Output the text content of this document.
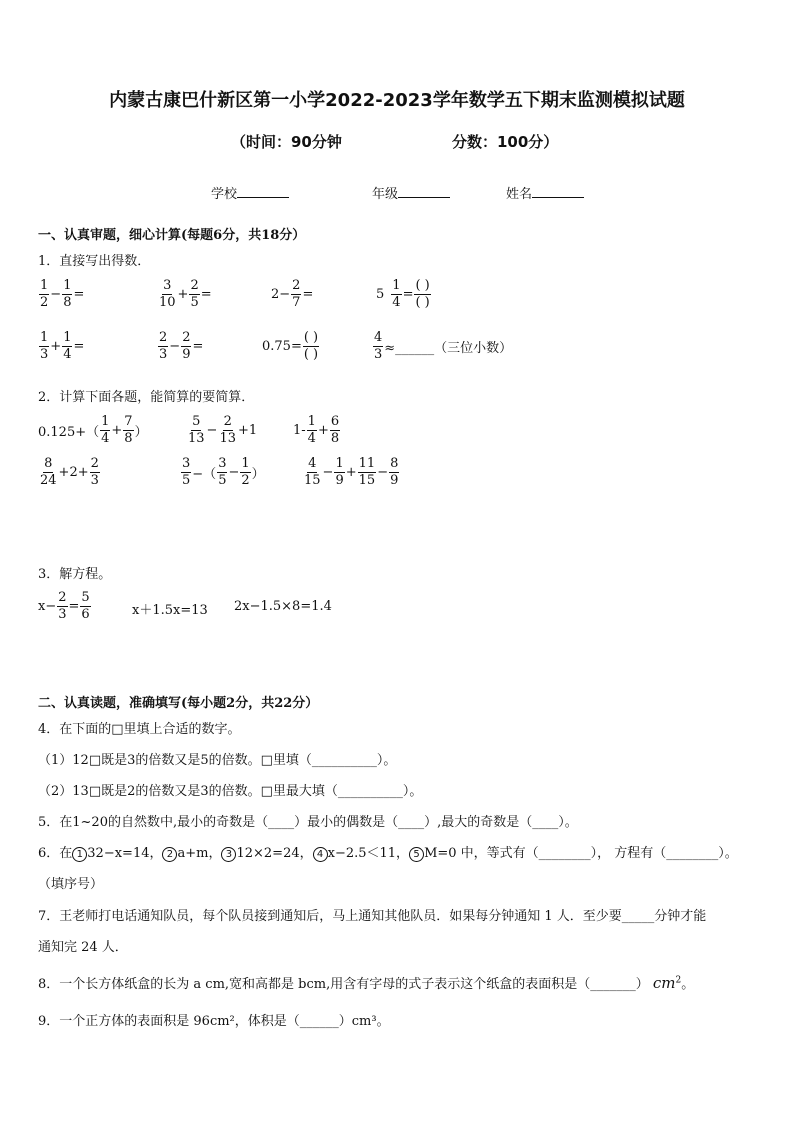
内蒙古康巴什新区第一小学2022-2023学年数学五下期末监测模拟试题
（时间：90分钟	分数：100分）
学校	年级	姓名
一、认真审题，细心计算(每题6分，共18分）
1．直接写出得数．
$\frac{1}{2} - \frac{1}{8}$ =	$\frac{3}{10} + \frac{2}{5}$ =	$2- \frac{2}{7}$ =	$5 \frac{1}{4} = \frac{( )}{( )}$
$\frac{1}{3} + \frac{1}{4}$ =	$\frac{2}{3} - \frac{2}{9}$ =	$0.75= \frac{( )}{( )}$	$\frac{4}{3}$ ≈______（三位小数）
2．计算下面各题，能简算的要简算．
$0.125+( \frac{1}{4} + \frac{7}{8}$ ）	$\frac{5}{13} - \frac{2}{13} +1$	$1- \frac{1}{4} + \frac{6}{8}$
$\frac{8}{24} +2+ \frac{2}{3}$	$\frac{3}{5}$ −（ $\frac{3}{5} - \frac{1}{2}$ ）	$\frac{4}{15} - \frac{1}{9} + \frac{11}{15} - \frac{8}{9}$
3．解方程。
$x- \frac{2}{3} = \frac{5}{6}$	x＋1.5x=13 2x−1.5×8=1.4
二、认真读题，准确填写(每小题2分，共22分）
4．在下面的□里填上合适的数字。
（1）12□既是3的倍数又是5的倍数。□里填（__________）。
（2）13□既是2的倍数又是3的倍数。□里最大填（__________）。
5．在1~20的自然数中,最小的奇数是（____）最小的偶数是（____）,最大的奇数是（____）。
6．在 1 32−x=14， 2 a+m， 3 12×2=24， 4 x−2.5＜11， 5 M=0 中，等式有（________）， 方程有（________）。
（填序号）
7．王老师打电话通知队员，每个队员接到通知后，马上通知其他队员．如果每分钟通知 1 人．至少要_____分钟才能
通知完 24 人．
8．一个长方体纸盒的长为 a cm,宽和高都是 bcm,用含有字母的式子表示这个纸盒的表面积是（_______） $cm^2$。
9．一个正方体的表面积是 96cm²，体积是（______）cm³。
